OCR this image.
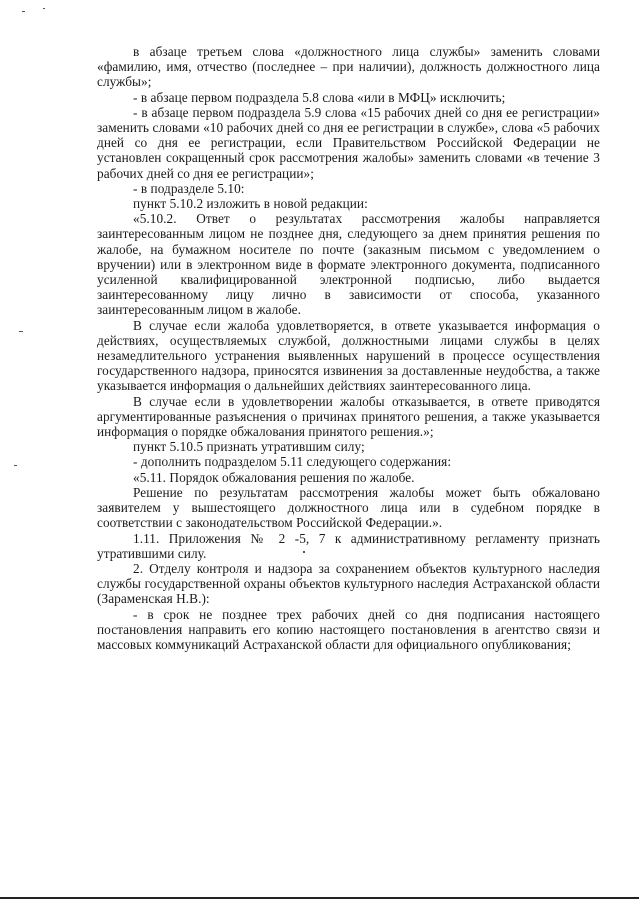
в абзаце третьем слова «должностного лица службы» заменить словами «фамилию, имя, отчество (последнее – при наличии), должность должностного лица службы»;

- в абзаце первом подраздела 5.8 слова «или в МФЦ» исключить;

- в абзаце первом подраздела 5.9 слова «15 рабочих дней со дня ее регистрации» заменить словами «10 рабочих дней со дня ее регистрации в службе», слова «5 рабочих дней со дня ее регистрации, если Правительством Российской Федерации не установлен сокращенный срок рассмотрения жалобы» заменить словами «в течение 3 рабочих дней со дня ее регистрации»;

- в подразделе 5.10:

пункт 5.10.2 изложить в новой редакции:

«5.10.2. Ответ о результатах рассмотрения жалобы направляется заинтересованным лицом не позднее дня, следующего за днем принятия решения по жалобе, на бумажном носителе по почте (заказным письмом с уведомлением о вручении) или в электронном виде в формате электронного документа, подписанного усиленной квалифицированной электронной подписью, либо выдается заинтересованному лицу лично в зависимости от способа, указанного заинтересованным лицом в жалобе.

В случае если жалоба удовлетворяется, в ответе указывается информация о действиях, осуществляемых службой, должностными лицами службы в целях незамедлительного устранения выявленных нарушений в процессе осуществления государственного надзора, приносятся извинения за доставленные неудобства, а также указывается информация о дальнейших действиях заинтересованного лица.

В случае если в удовлетворении жалобы отказывается, в ответе приводятся аргументированные разъяснения о причинах принятого решения, а также указывается информация о порядке обжалования принятого решения.»;

пункт 5.10.5 признать утратившим силу;

- дополнить подразделом 5.11 следующего содержания:

«5.11. Порядок обжалования решения по жалобе.

Решение по результатам рассмотрения жалобы может быть обжаловано заявителем у вышестоящего должностного лица или в судебном порядке в соответствии с законодательством Российской Федерации.».

1.11. Приложения № 2 -5, 7 к административному регламенту признать утратившими силу.

2. Отделу контроля и надзора за сохранением объектов культурного наследия службы государственной охраны объектов культурного наследия Астраханской области (Зараменская Н.В.):

- в срок не позднее трех рабочих дней со дня подписания настоящего постановления направить его копию настоящего постановления в агентство связи и массовых коммуникаций Астраханской области для официального опубликования;
